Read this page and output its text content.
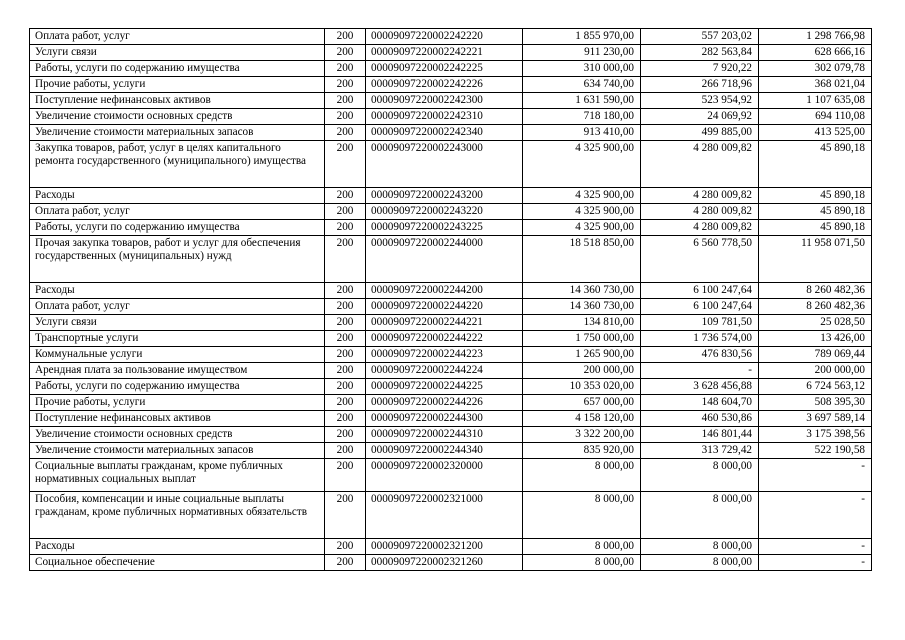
Оплата работ, услуг	200	00009097220002242220	1 855 970,00	557 203,02	1 298 766,98
Услуги связи	200	00009097220002242221	911 230,00	282 563,84	628 666,16
Работы, услуги по содержанию имущества	200	00009097220002242225	310 000,00	7 920,22	302 079,78
Прочие работы, услуги	200	00009097220002242226	634 740,00	266 718,96	368 021,04
Поступление нефинансовых активов	200	00009097220002242300	1 631 590,00	523 954,92	1 107 635,08
Увеличение стоимости основных средств	200	00009097220002242310	718 180,00	24 069,92	694 110,08
Увеличение стоимости материальных запасов	200	00009097220002242340	913 410,00	499 885,00	413 525,00
Закупка товаров, работ, услуг в целях капитального ремонта государственного (муниципального) имущества	200	00009097220002243000	4 325 900,00	4 280 009,82	45 890,18
Расходы	200	00009097220002243200	4 325 900,00	4 280 009,82	45 890,18
Оплата работ, услуг	200	00009097220002243220	4 325 900,00	4 280 009,82	45 890,18
Работы, услуги по содержанию имущества	200	00009097220002243225	4 325 900,00	4 280 009,82	45 890,18
Прочая закупка товаров, работ и услуг для обеспечения государственных (муниципальных) нужд	200	00009097220002244000	18 518 850,00	6 560 778,50	11 958 071,50
Расходы	200	00009097220002244200	14 360 730,00	6 100 247,64	8 260 482,36
Оплата работ, услуг	200	00009097220002244220	14 360 730,00	6 100 247,64	8 260 482,36
Услуги связи	200	00009097220002244221	134 810,00	109 781,50	25 028,50
Транспортные услуги	200	00009097220002244222	1 750 000,00	1 736 574,00	13 426,00
Коммунальные услуги	200	00009097220002244223	1 265 900,00	476 830,56	789 069,44
Арендная плата за пользование имуществом	200	00009097220002244224	200 000,00	-	200 000,00
Работы, услуги по содержанию имущества	200	00009097220002244225	10 353 020,00	3 628 456,88	6 724 563,12
Прочие работы, услуги	200	00009097220002244226	657 000,00	148 604,70	508 395,30
Поступление нефинансовых активов	200	00009097220002244300	4 158 120,00	460 530,86	3 697 589,14
Увеличение стоимости основных средств	200	00009097220002244310	3 322 200,00	146 801,44	3 175 398,56
Увеличение стоимости материальных запасов	200	00009097220002244340	835 920,00	313 729,42	522 190,58
Социальные выплаты гражданам, кроме публичных нормативных социальных выплат	200	00009097220002320000	8 000,00	8 000,00	-
Пособия, компенсации и иные социальные выплаты гражданам, кроме публичных нормативных обязательств	200	00009097220002321000	8 000,00	8 000,00	-
Расходы	200	00009097220002321200	8 000,00	8 000,00	-
Социальное обеспечение	200	00009097220002321260	8 000,00	8 000,00	-
